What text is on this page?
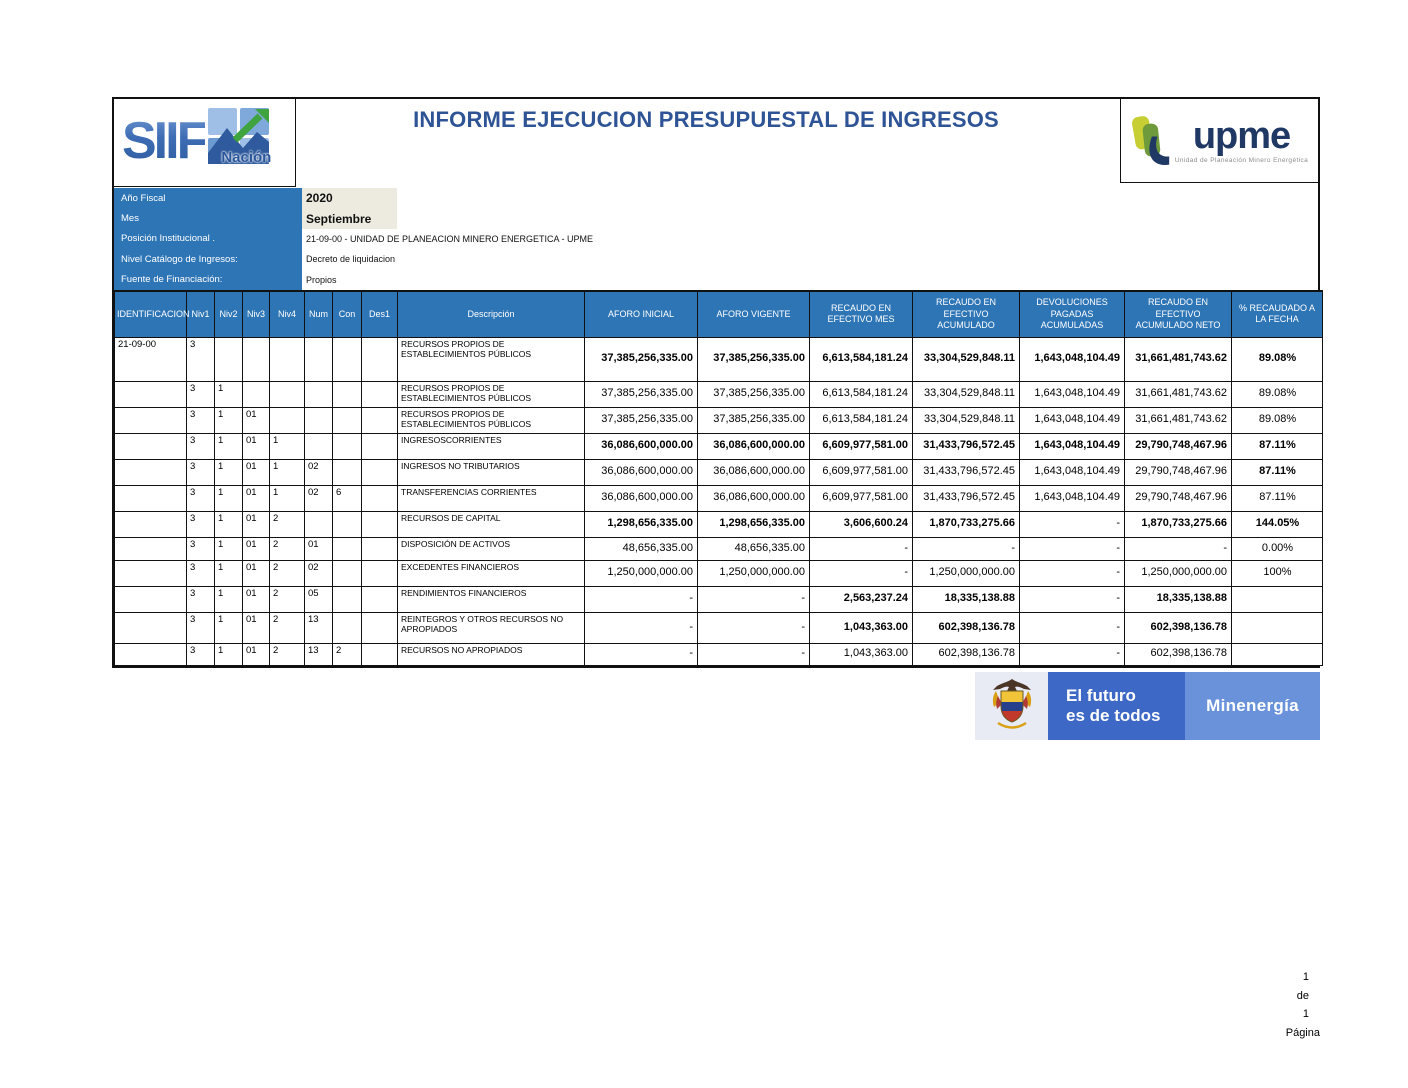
SIIF Nación
INFORME EJECUCION PRESUPUESTAL DE INGRESOS	upme
Unidad de Planeación Minero Energética
Año Fiscal	2020
Mes	Septiembre
Posición Institucional .	21-09-00 - UNIDAD DE PLANEACION MINERO ENERGETICA - UPME
Nivel Catálogo de Ingresos:	Decreto de liquidacion
Fuente de Financiación:	Propios
IDENTIFICACION	Niv1	Niv2	Niv3	Niv4	Num	Con	Des1	Descripción	AFORO INICIAL	AFORO VIGENTE	RECAUDO EN EFECTIVO MES	RECAUDO EN EFECTIVO ACUMULADO	DEVOLUCIONES PAGADAS ACUMULADAS	RECAUDO EN EFECTIVO ACUMULADO NETO	% RECAUDADO A LA FECHA
21-09-00	3							RECURSOS PROPIOS DE ESTABLECIMIENTOS PÚBLICOS	37,385,256,335.00	37,385,256,335.00	6,613,584,181.24	33,304,529,848.11	1,643,048,104.49	31,661,481,743.62	89.08%
	3	1						RECURSOS PROPIOS DE ESTABLECIMIENTOS PÚBLICOS	37,385,256,335.00	37,385,256,335.00	6,613,584,181.24	33,304,529,848.11	1,643,048,104.49	31,661,481,743.62	89.08%
	3	1	01					RECURSOS PROPIOS DE ESTABLECIMIENTOS PÚBLICOS	37,385,256,335.00	37,385,256,335.00	6,613,584,181.24	33,304,529,848.11	1,643,048,104.49	31,661,481,743.62	89.08%
	3	1	01	1				INGRESOSCORRIENTES	36,086,600,000.00	36,086,600,000.00	6,609,977,581.00	31,433,796,572.45	1,643,048,104.49	29,790,748,467.96	87.11%
	3	1	01	1	02			INGRESOS NO TRIBUTARIOS	36,086,600,000.00	36,086,600,000.00	6,609,977,581.00	31,433,796,572.45	1,643,048,104.49	29,790,748,467.96	87.11%
	3	1	01	1	02	6		TRANSFERENCIAS CORRIENTES	36,086,600,000.00	36,086,600,000.00	6,609,977,581.00	31,433,796,572.45	1,643,048,104.49	29,790,748,467.96	87.11%
	3	1	01	2				RECURSOS DE CAPITAL	1,298,656,335.00	1,298,656,335.00	3,606,600.24	1,870,733,275.66	-	1,870,733,275.66	144.05%
	3	1	01	2	01			DISPOSICIÓN DE ACTIVOS	48,656,335.00	48,656,335.00	-	-	-	-	0.00%
	3	1	01	2	02			EXCEDENTES FINANCIEROS	1,250,000,000.00	1,250,000,000.00	-	1,250,000,000.00	-	1,250,000,000.00	100%
	3	1	01	2	05			RENDIMIENTOS FINANCIEROS	-	-	2,563,237.24	18,335,138.88	-	18,335,138.88	
	3	1	01	2	13			REINTEGROS Y OTROS RECURSOS NO APROPIADOS	-	-	1,043,363.00	602,398,136.78	-	602,398,136.78	
	3	1	01	2	13	2		RECURSOS NO APROPIADOS	-	-	1,043,363.00	602,398,136.78	-	602,398,136.78	
El futuro
es de todos
Minenergía
1
de
1
Página
